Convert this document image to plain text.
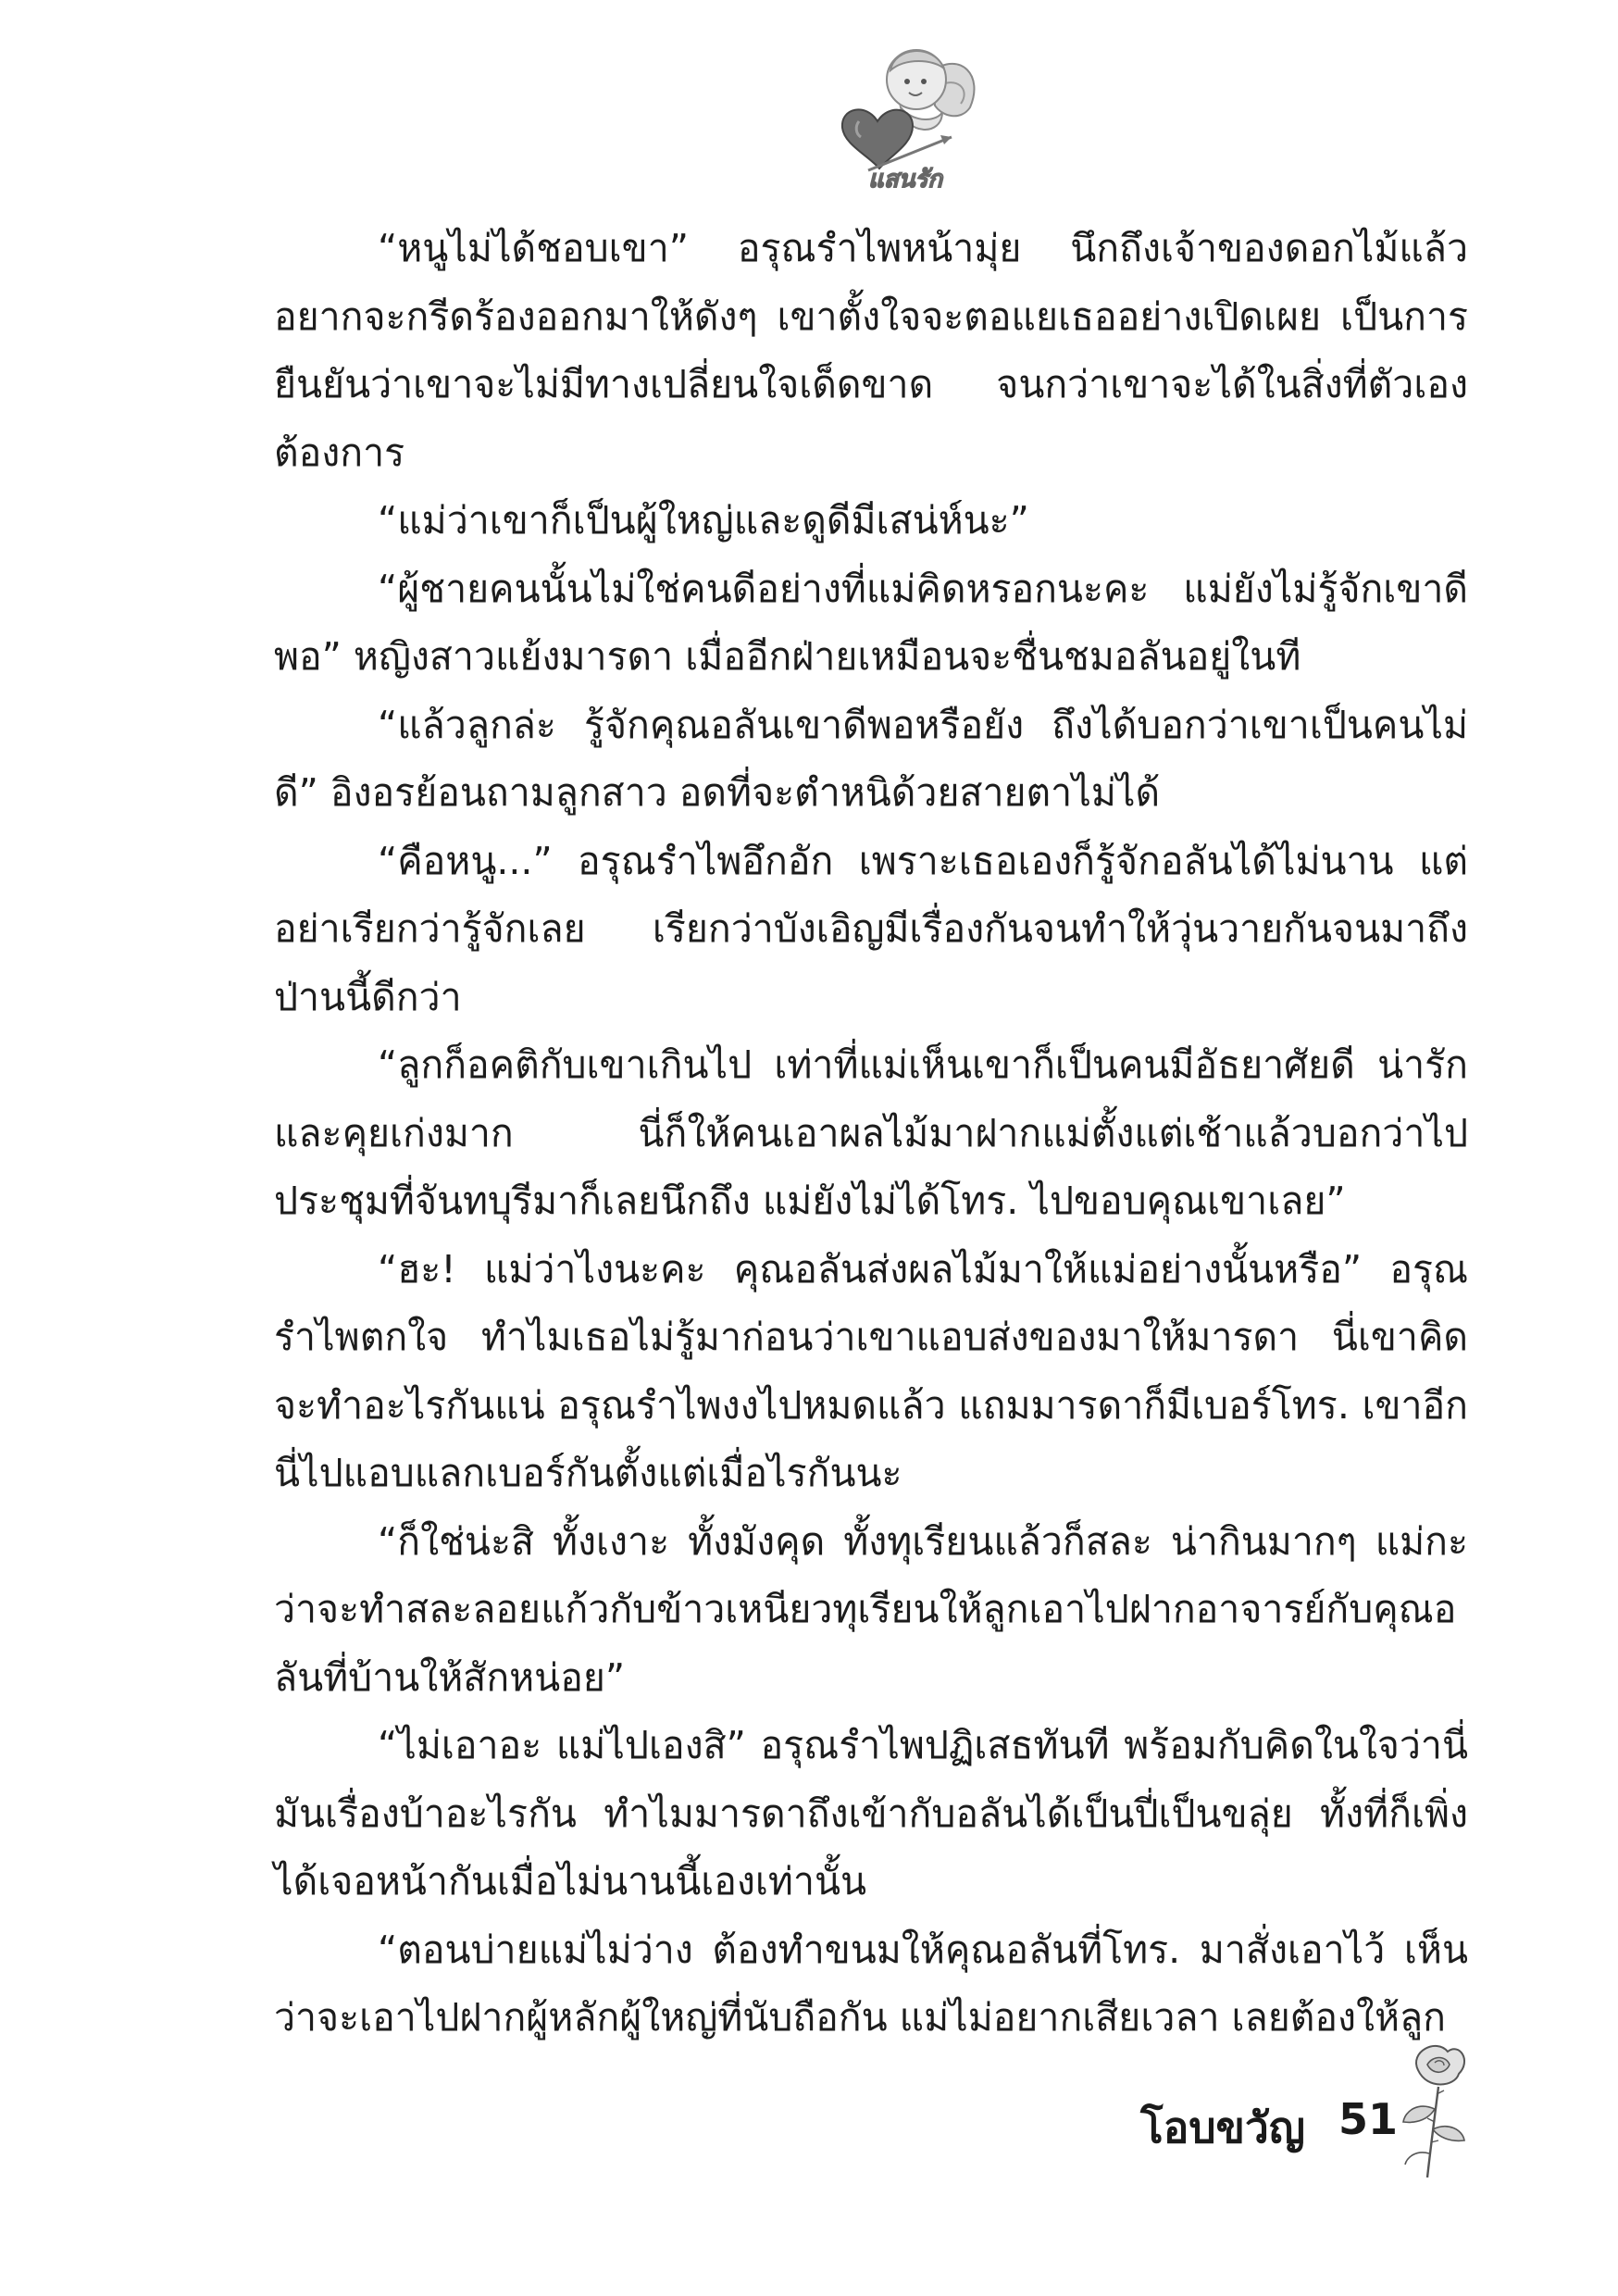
แสนรัก

“หนูไม่ได้ชอบเขา” อรุณรำไพหน้ามุ่ย นึกถึงเจ้าของดอกไม้แล้วอยากจะกรีดร้องออกมาให้ดังๆ เขาตั้งใจจะตอแยเธออย่างเปิดเผย เป็นการยืนยันว่าเขาจะไม่มีทางเปลี่ยนใจเด็ดขาด จนกว่าเขาจะได้ในสิ่งที่ตัวเองต้องการ

“แม่ว่าเขาก็เป็นผู้ใหญ่และดูดีมีเสน่ห์นะ”

“ผู้ชายคนนั้นไม่ใช่คนดีอย่างที่แม่คิดหรอกนะคะ แม่ยังไม่รู้จักเขาดีพอ” หญิงสาวแย้งมารดา เมื่ออีกฝ่ายเหมือนจะชื่นชมอลันอยู่ในที

“แล้วลูกล่ะ รู้จักคุณอลันเขาดีพอหรือยัง ถึงได้บอกว่าเขาเป็นคนไม่ดี” อิงอรย้อนถามลูกสาว อดที่จะตำหนิด้วยสายตาไม่ได้

“คือหนู...” อรุณรำไพอึกอัก เพราะเธอเองก็รู้จักอลันได้ไม่นาน แต่อย่าเรียกว่ารู้จักเลย เรียกว่าบังเอิญมีเรื่องกันจนทำให้วุ่นวายกันจนมาถึงป่านนี้ดีกว่า

“ลูกก็อคติกับเขาเกินไป เท่าที่แม่เห็นเขาก็เป็นคนมีอัธยาศัยดี น่ารักและคุยเก่งมาก นี่ก็ให้คนเอาผลไม้มาฝากแม่ตั้งแต่เช้าแล้วบอกว่าไปประชุมที่จันทบุรีมาก็เลยนึกถึง แม่ยังไม่ได้โทร. ไปขอบคุณเขาเลย”

“ฮะ! แม่ว่าไงนะคะ คุณอลันส่งผลไม้มาให้แม่อย่างนั้นหรือ” อรุณรำไพตกใจ ทำไมเธอไม่รู้มาก่อนว่าเขาแอบส่งของมาให้มารดา นี่เขาคิดจะทำอะไรกันแน่ อรุณรำไพงงไปหมดแล้ว แถมมารดาก็มีเบอร์โทร. เขาอีก นี่ไปแอบแลกเบอร์กันตั้งแต่เมื่อไรกันนะ

“ก็ใช่น่ะสิ ทั้งเงาะ ทั้งมังคุด ทั้งทุเรียนแล้วก็สละ น่ากินมากๆ แม่กะว่าจะทำสละลอยแก้วกับข้าวเหนียวทุเรียนให้ลูกเอาไปฝากอาจารย์กับคุณอลันที่บ้านให้สักหน่อย”

“ไม่เอาอะ แม่ไปเองสิ” อรุณรำไพปฏิเสธทันที พร้อมกับคิดในใจว่านี่มันเรื่องบ้าอะไรกัน ทำไมมารดาถึงเข้ากับอลันได้เป็นปี่เป็นขลุ่ย ทั้งที่ก็เพิ่งได้เจอหน้ากันเมื่อไม่นานนี้เองเท่านั้น

“ตอนบ่ายแม่ไม่ว่าง ต้องทำขนมให้คุณอลันที่โทร. มาสั่งเอาไว้ เห็นว่าจะเอาไปฝากผู้หลักผู้ใหญ่ที่นับถือกัน แม่ไม่อยากเสียเวลา เลยต้องให้ลูก

โอบขวัญ 51
